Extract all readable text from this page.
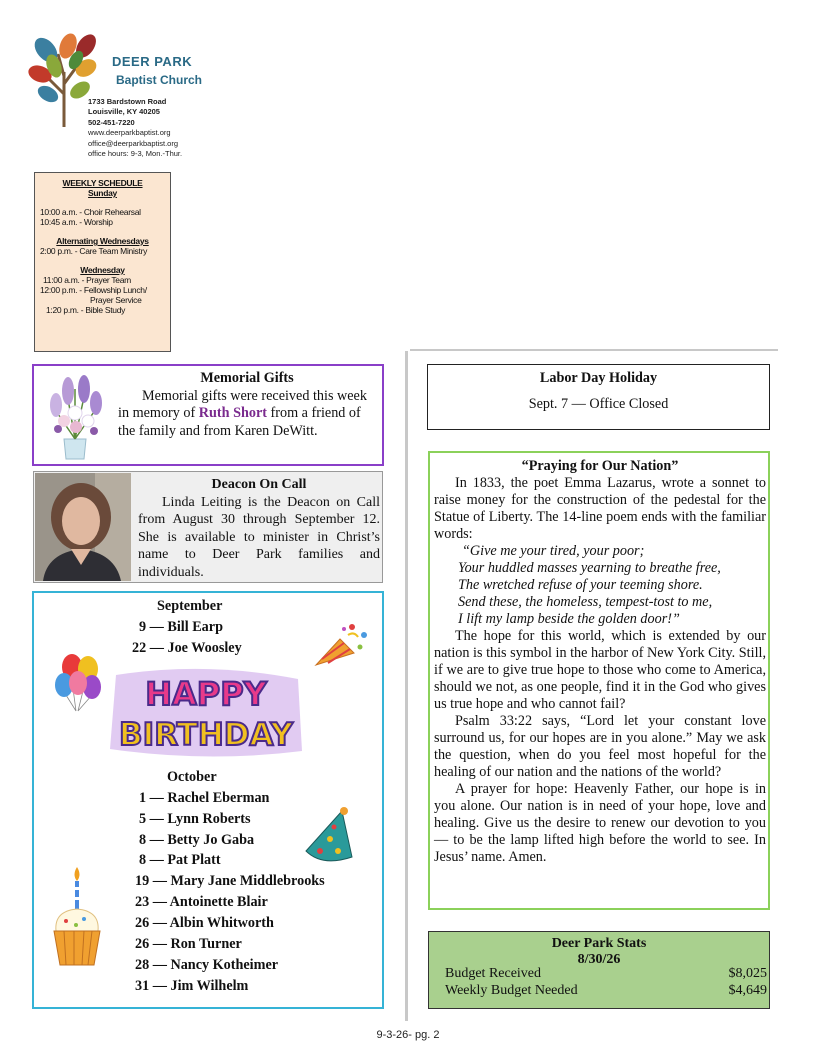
DEER PARK
Baptist Church
1733 Bardstown Road
Louisville, KY 40205
502-451-7220
www.deerparkbaptist.org
office@deerparkbaptist.org
office hours: 9-3, Mon.-Thur.
WEEKLY SCHEDULE
Sunday
10:00 a.m. - Choir Rehearsal
10:45 a.m. - Worship
Alternating Wednesdays
2:00 p.m. - Care Team Ministry
Wednesday
11:00 a.m. - Prayer Team
12:00 p.m. - Fellowship Lunch/
Prayer Service
1:20 p.m. - Bible Study
Memorial Gifts
Memorial gifts were received this week in memory of Ruth Short from a friend of the family and from Karen DeWitt.
Deacon On Call
Linda Leiting is the Deacon on Call from August 30 through September 12. She is available to minister in Christ’s name to Deer Park families and individuals.
September
9 — Bill Earp
22 — Joe Woosley
HAPPY
BIRTHDAY
October
1 — Rachel Eberman
5 — Lynn Roberts
8 — Betty Jo Gaba
8 — Pat Platt
19 — Mary Jane Middlebrooks
23 — Antoinette Blair
26 — Albin Whitworth
26 — Ron Turner
28 — Nancy Kotheimer
31 — Jim Wilhelm
Labor Day Holiday
Sept. 7 — Office Closed
“Praying for Our Nation”

In 1833, the poet Emma Lazarus, wrote a sonnet to raise money for the construction of the pedestal for the Statue of Liberty. The 14-line poem ends with the familiar words:

“Give me your tired, your poor;
Your huddled masses yearning to breathe free,
The wretched refuse of your teeming shore.
Send these, the homeless, tempest-tost to me,
I lift my lamp beside the golden door!”

The hope for this world, which is extended by our nation is this symbol in the harbor of New York City. Still, if we are to give true hope to those who come to America, should we not, as one people, find it in the God who gives us true hope and who cannot fail?

Psalm 33:22 says, “Lord let your constant love surround us, for our hopes are in you alone.” May we ask the question, when do you feel most hopeful for the healing of our nation and the nations of the world?

A prayer for hope: Heavenly Father, our hope is in you alone. Our nation is in need of your hope, love and healing. Give us the desire to renew our devotion to you — to be the lamp lifted high before the world to see. In Jesus’ name. Amen.

Deer Park Stats
8/30/26
Budget Received	$8,025
Weekly Budget Needed	$4,649
9-3-26- pg. 2
